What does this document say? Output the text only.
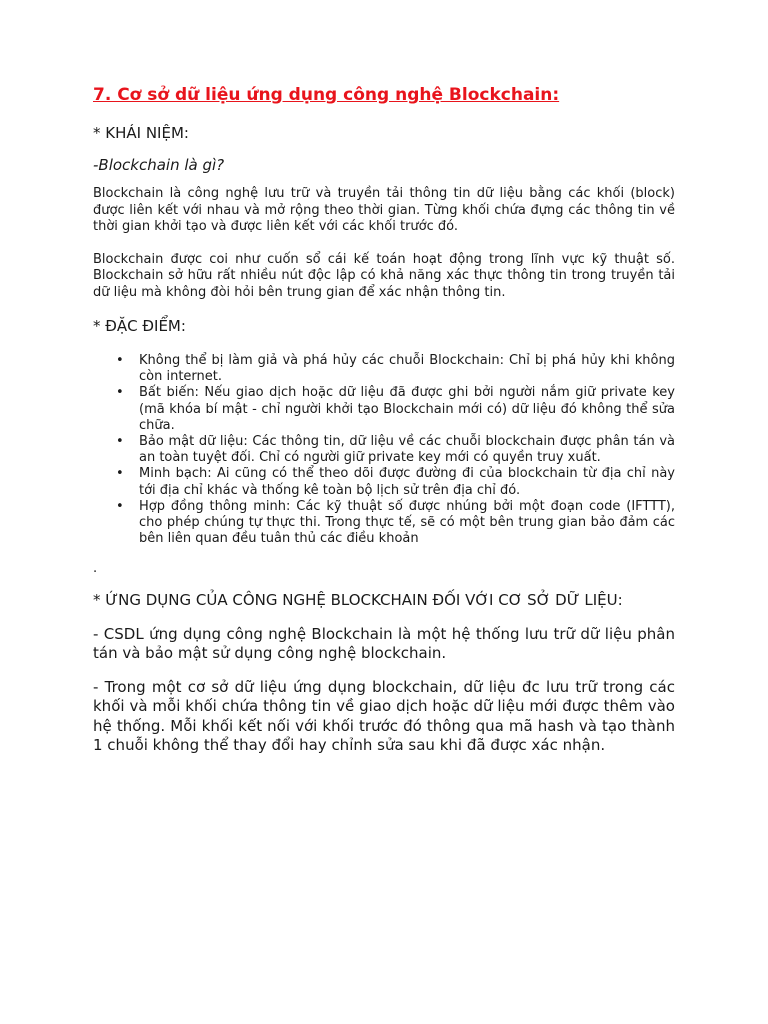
7. Cơ sở dữ liệu ứng dụng công nghệ Blockchain:
* KHÁI NIỆM:
-Blockchain là gì?

Blockchain là công nghệ lưu trữ và truyền tải thông tin dữ liệu bằng các khối (block) được liên kết với nhau và mở rộng theo thời gian. Từng khối chứa đựng các thông tin về thời gian khởi tạo và được liên kết với các khối trước đó.

Blockchain được coi như cuốn sổ cái kế toán hoạt động trong lĩnh vực kỹ thuật số. Blockchain sở hữu rất nhiều nút độc lập có khả năng xác thực thông tin trong truyền tải dữ liệu mà không đòi hỏi bên trung gian để xác nhận thông tin.

* ĐẶC ĐIỂM:
• Không thể bị làm giả và phá hủy các chuỗi Blockchain: Chỉ bị phá hủy khi không còn internet.
• Bất biến: Nếu giao dịch hoặc dữ liệu đã được ghi bởi người nắm giữ private key (mã khóa bí mật - chỉ người khởi tạo Blockchain mới có) dữ liệu đó không thể sửa chữa.
• Bảo mật dữ liệu: Các thông tin, dữ liệu về các chuỗi blockchain được phân tán và an toàn tuyệt đối. Chỉ có người giữ private key mới có quyền truy xuất.
• Minh bạch: Ai cũng có thể theo dõi được đường đi của blockchain từ địa chỉ này tới địa chỉ khác và thống kê toàn bộ lịch sử trên địa chỉ đó.
• Hợp đồng thông minh: Các kỹ thuật số được nhúng bởi một đoạn code (IFTTT), cho phép chúng tự thực thi. Trong thực tế, sẽ có một bên trung gian bảo đảm các bên liên quan đều tuân thủ các điều khoản

.

* ỨNG DỤNG CỦA CÔNG NGHỆ BLOCKCHAIN ĐỐI VỚI CƠ SỞ DỮ LIỆU:

- CSDL ứng dụng công nghệ Blockchain là một hệ thống lưu trữ dữ liệu phân tán và bảo mật sử dụng công nghệ blockchain.

- Trong một cơ sở dữ liệu ứng dụng blockchain, dữ liệu đc lưu trữ trong các khối và mỗi khối chứa thông tin về giao dịch hoặc dữ liệu mới được thêm vào hệ thống. Mỗi khối kết nối với khối trước đó thông qua mã hash và tạo thành 1 chuỗi không thể thay đổi hay chỉnh sửa sau khi đã được xác nhận.
